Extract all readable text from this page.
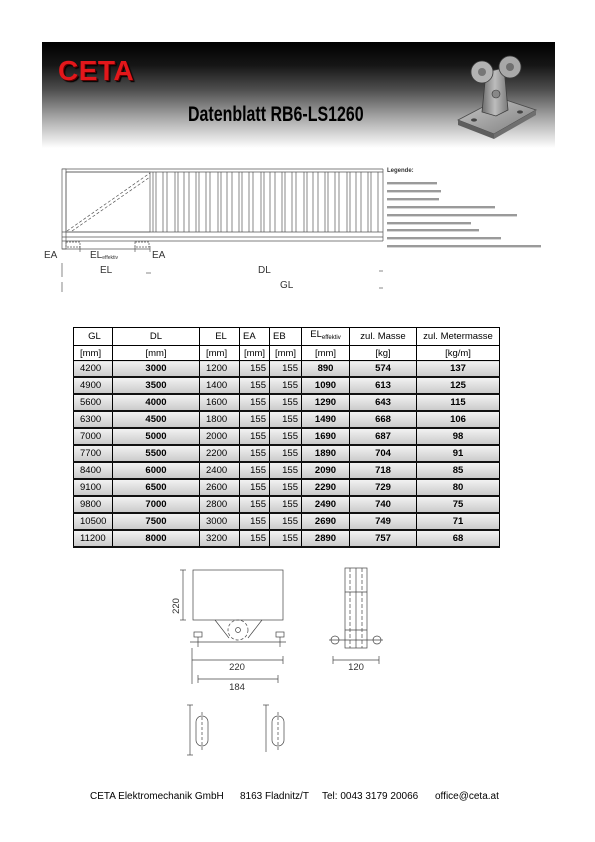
CETA
Datenblatt RB6-LS1260
EA	ELeffektiv	EA
EL	DL
GL
Legende:
220
220
184
120
GL	DL	EL	EA	EB	$EL_{effektiv}$	zul. Masse	zul. Metermasse
[mm]	[mm]	[mm]	[mm]	[mm]	[mm]	[kg]	[kg/m]
4200	3000	1200	155	155	890	574	137
4900	3500	1400	155	155	1090	613	125
5600	4000	1600	155	155	1290	643	115
6300	4500	1800	155	155	1490	668	106
7000	5000	2000	155	155	1690	687	98
7700	5500	2200	155	155	1890	704	91
8400	6000	2400	155	155	2090	718	85
9100	6500	2600	155	155	2290	729	80
9800	7000	2800	155	155	2490	740	75
10500	7500	3000	155	155	2690	749	71
11200	8000	3200	155	155	2890	757	68
CETA Elektromechanik GmbH 8163 Fladnitz/T Tel: 0043 3179 20066 office@ceta.at
